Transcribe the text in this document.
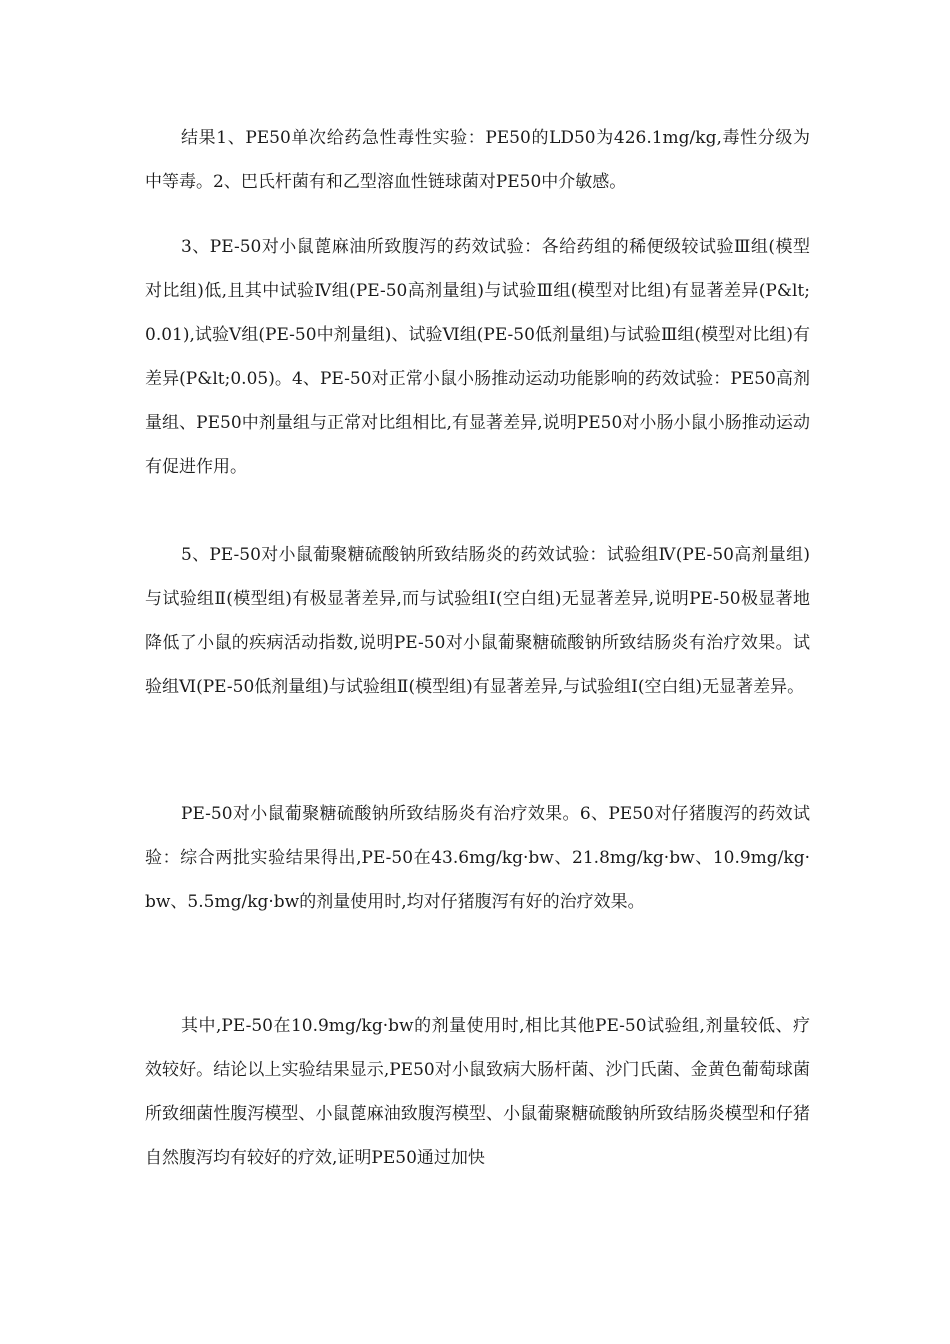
结果1、PE50单次给药急性毒性实验：PE50的LD50为426.1mg/kg,毒性分级为中等毒。2、巴氏杆菌有和乙型溶血性链球菌对PE50中介敏感。

3、PE-50对小鼠蓖麻油所致腹泻的药效试验：各给药组的稀便级较试验Ⅲ组(模型对比组)低,且其中试验Ⅳ组(PE-50高剂量组)与试验Ⅲ组(模型对比组)有显著差异(P&lt;0.01),试验Ⅴ组(PE-50中剂量组)、试验Ⅵ组(PE-50低剂量组)与试验Ⅲ组(模型对比组)有差异(P&lt;0.05)。4、PE-50对正常小鼠小肠推动运动功能影响的药效试验：PE50高剂量组、PE50中剂量组与正常对比组相比,有显著差异,说明PE50对小肠小鼠小肠推动运动有促进作用。

5、PE-50对小鼠葡聚糖硫酸钠所致结肠炎的药效试验：试验组Ⅳ(PE-50高剂量组)与试验组Ⅱ(模型组)有极显著差异,而与试验组Ⅰ(空白组)无显著差异,说明PE-50极显著地降低了小鼠的疾病活动指数,说明PE-50对小鼠葡聚糖硫酸钠所致结肠炎有治疗效果。试验组Ⅵ(PE-50低剂量组)与试验组Ⅱ(模型组)有显著差异,与试验组Ⅰ(空白组)无显著差异。

PE-50对小鼠葡聚糖硫酸钠所致结肠炎有治疗效果。6、PE50对仔猪腹泻的药效试验：综合两批实验结果得出,PE-50在43.6mg/kg·bw、21.8mg/kg·bw、10.9mg/kg·bw、5.5mg/kg·bw的剂量使用时,均对仔猪腹泻有好的治疗效果。

其中,PE-50在10.9mg/kg·bw的剂量使用时,相比其他PE-50试验组,剂量较低、疗效较好。结论以上实验结果显示,PE50对小鼠致病大肠杆菌、沙门氏菌、金黄色葡萄球菌所致细菌性腹泻模型、小鼠蓖麻油致腹泻模型、小鼠葡聚糖硫酸钠所致结肠炎模型和仔猪自然腹泻均有较好的疗效,证明PE50通过加快
